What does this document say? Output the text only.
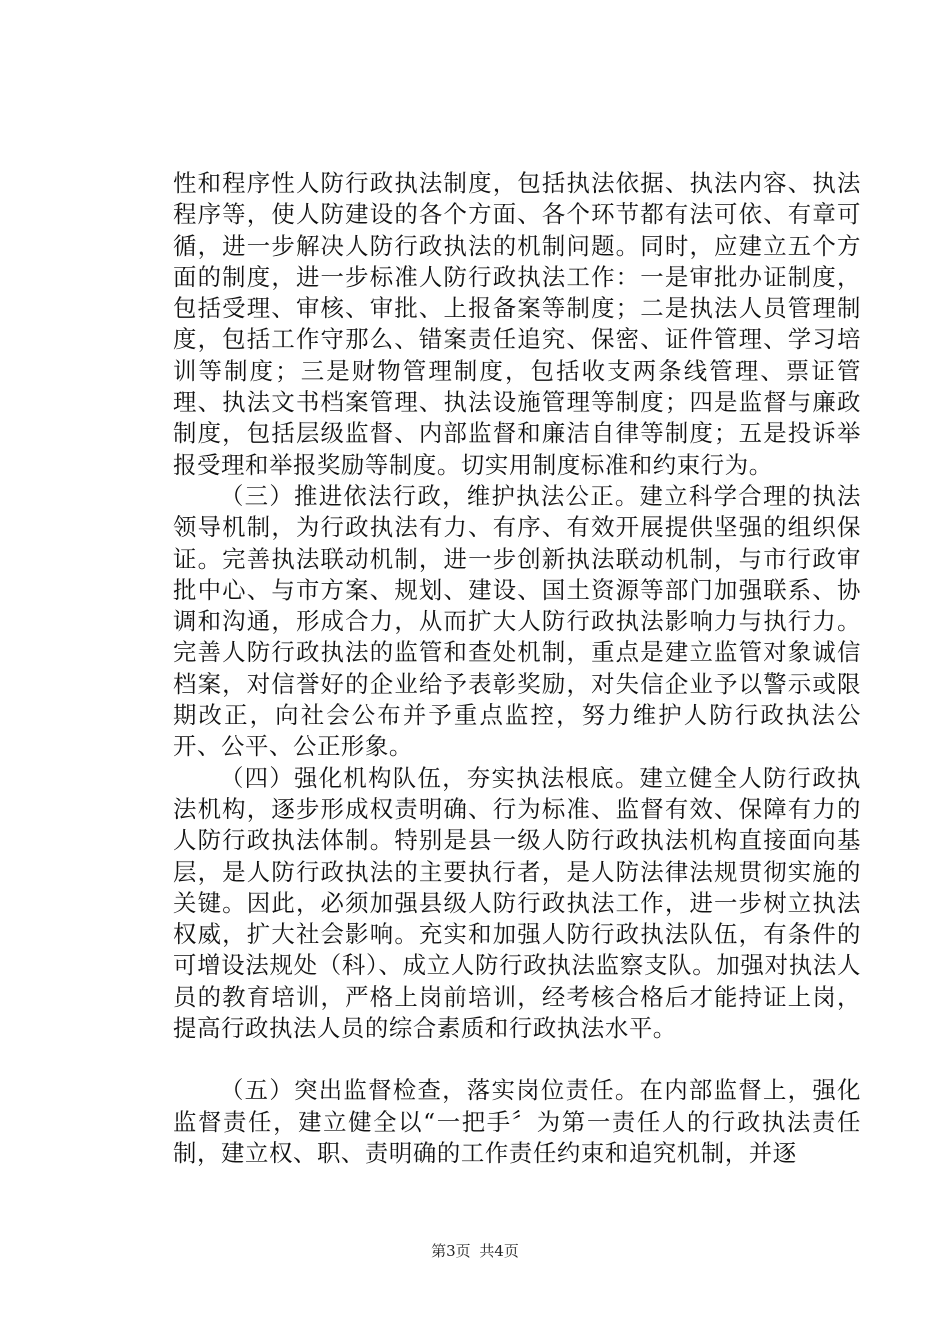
性和程序性人防行政执法制度，包括执法依据、执法内容、执法程序等，使人防建设的各个方面、各个环节都有法可依、有章可循，进一步解决人防行政执法的机制问题。同时，应建立五个方面的制度，进一步标准人防行政执法工作：一是审批办证制度，包括受理、审核、审批、上报备案等制度；二是执法人员管理制度，包括工作守那么、错案责任追究、保密、证件管理、学习培训等制度；三是财物管理制度，包括收支两条线管理、票证管理、执法文书档案管理、执法设施管理等制度；四是监督与廉政制度，包括层级监督、内部监督和廉洁自律等制度；五是投诉举报受理和举报奖励等制度。切实用制度标准和约束行为。

（三）推进依法行政，维护执法公正。建立科学合理的执法领导机制，为行政执法有力、有序、有效开展提供坚强的组织保证。完善执法联动机制，进一步创新执法联动机制，与市行政审批中心、与市方案、规划、建设、国土资源等部门加强联系、协调和沟通，形成合力，从而扩大人防行政执法影响力与执行力。完善人防行政执法的监管和查处机制，重点是建立监管对象诚信档案，对信誉好的企业给予表彰奖励，对失信企业予以警示或限期改正，向社会公布并予重点监控，努力维护人防行政执法公开、公平、公正形象。

（四）强化机构队伍，夯实执法根底。建立健全人防行政执法机构，逐步形成权责明确、行为标准、监督有效、保障有力的人防行政执法体制。特别是县一级人防行政执法机构直接面向基层，是人防行政执法的主要执行者，是人防法律法规贯彻实施的关键。因此，必须加强县级人防行政执法工作，进一步树立执法权威，扩大社会影响。充实和加强人防行政执法队伍，有条件的可增设法规处（科）、成立人防行政执法监察支队。加强对执法人员的教育培训，严格上岗前培训，经考核合格后才能持证上岗，提高行政执法人员的综合素质和行政执法水平。

（五）突出监督检查，落实岗位责任。在内部监督上，强化监督责任，建立健全以“一把手〞为第一责任人的行政执法责任制，建立权、职、责明确的工作责任约束和追究机制，并逐

第3页 共4页
